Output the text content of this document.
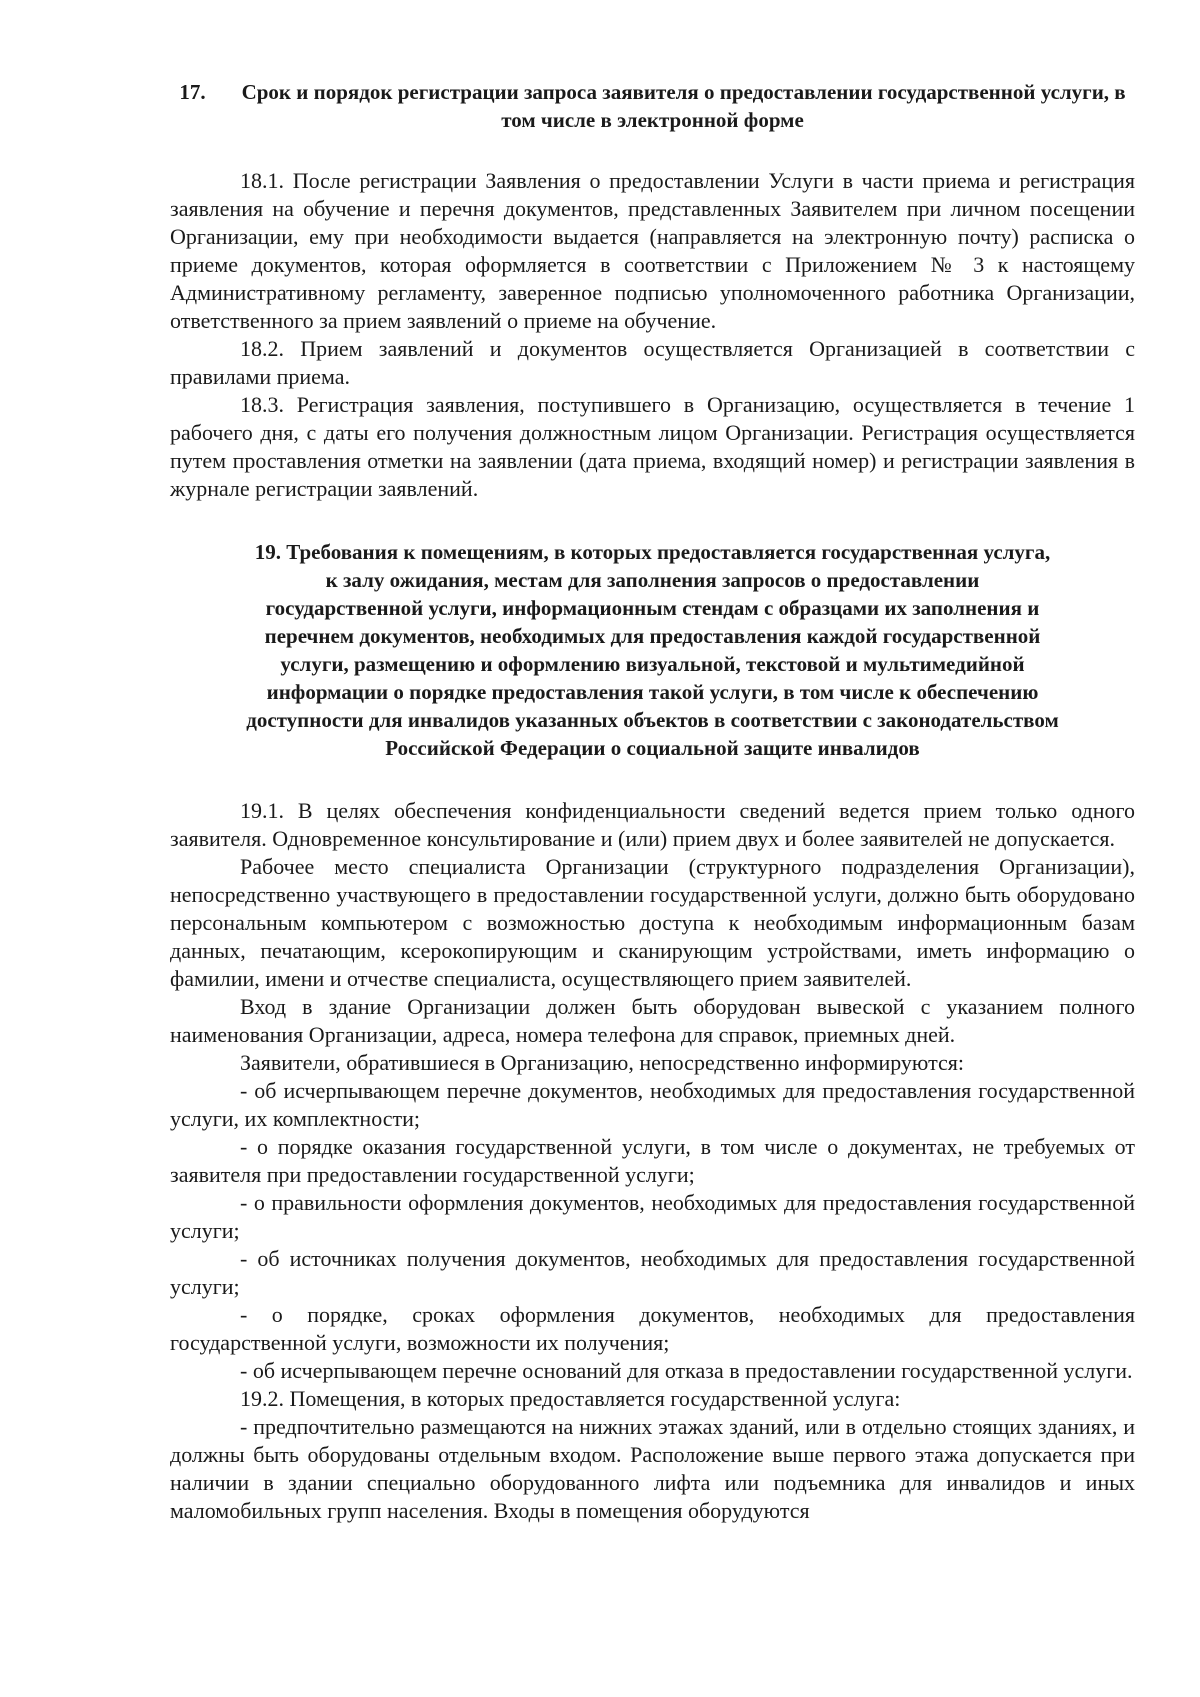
17. Срок и порядок регистрации запроса заявителя о предоставлении государственной услуги, в том числе в электронной форме

18.1. После регистрации Заявления о предоставлении Услуги в части приема и регистрация заявления на обучение и перечня документов, представленных Заявителем при личном посещении Организации, ему при необходимости выдается (направляется на электронную почту) расписка о приеме документов, которая оформляется в соответствии с Приложением № 3 к настоящему Административному регламенту, заверенное подписью уполномоченного работника Организации, ответственного за прием заявлений о приеме на обучение.

18.2. Прием заявлений и документов осуществляется Организацией в соответствии с правилами приема.

18.3. Регистрация заявления, поступившего в Организацию, осуществляется в течение 1 рабочего дня, с даты его получения должностным лицом Организации. Регистрация осуществляется путем проставления отметки на заявлении (дата приема, входящий номер) и регистрации заявления в журнале регистрации заявлений.

19. Требования к помещениям, в которых предоставляется государственная услуга,
к залу ожидания, местам для заполнения запросов о предоставлении
государственной услуги, информационным стендам с образцами их заполнения и
перечнем документов, необходимых для предоставления каждой государственной
услуги, размещению и оформлению визуальной, текстовой и мультимедийной
информации о порядке предоставления такой услуги, в том числе к обеспечению
доступности для инвалидов указанных объектов в соответствии с законодательством
Российской Федерации о социальной защите инвалидов

19.1. В целях обеспечения конфиденциальности сведений ведется прием только одного заявителя. Одновременное консультирование и (или) прием двух и более заявителей не допускается.

Рабочее место специалиста Организации (структурного подразделения Организации), непосредственно участвующего в предоставлении государственной услуги, должно быть оборудовано персональным компьютером с возможностью доступа к необходимым информационным базам данных, печатающим, ксерокопирующим и сканирующим устройствами, иметь информацию о фамилии, имени и отчестве специалиста, осуществляющего прием заявителей.

Вход в здание Организации должен быть оборудован вывеской с указанием полного наименования Организации, адреса, номера телефона для справок, приемных дней.

Заявители, обратившиеся в Организацию, непосредственно информируются:

- об исчерпывающем перечне документов, необходимых для предоставления государственной услуги, их комплектности;

- о порядке оказания государственной услуги, в том числе о документах, не требуемых от заявителя при предоставлении государственной услуги;

- о правильности оформления документов, необходимых для предоставления государственной услуги;

- об источниках получения документов, необходимых для предоставления государственной услуги;

- о порядке, сроках оформления документов, необходимых для предоставления государственной услуги, возможности их получения;

- об исчерпывающем перечне оснований для отказа в предоставлении государственной услуги.

19.2. Помещения, в которых предоставляется государственной услуга:

- предпочтительно размещаются на нижних этажах зданий, или в отдельно стоящих зданиях, и должны быть оборудованы отдельным входом. Расположение выше первого этажа допускается при наличии в здании специально оборудованного лифта или подъемника для инвалидов и иных маломобильных групп населения. Входы в помещения оборудуются
